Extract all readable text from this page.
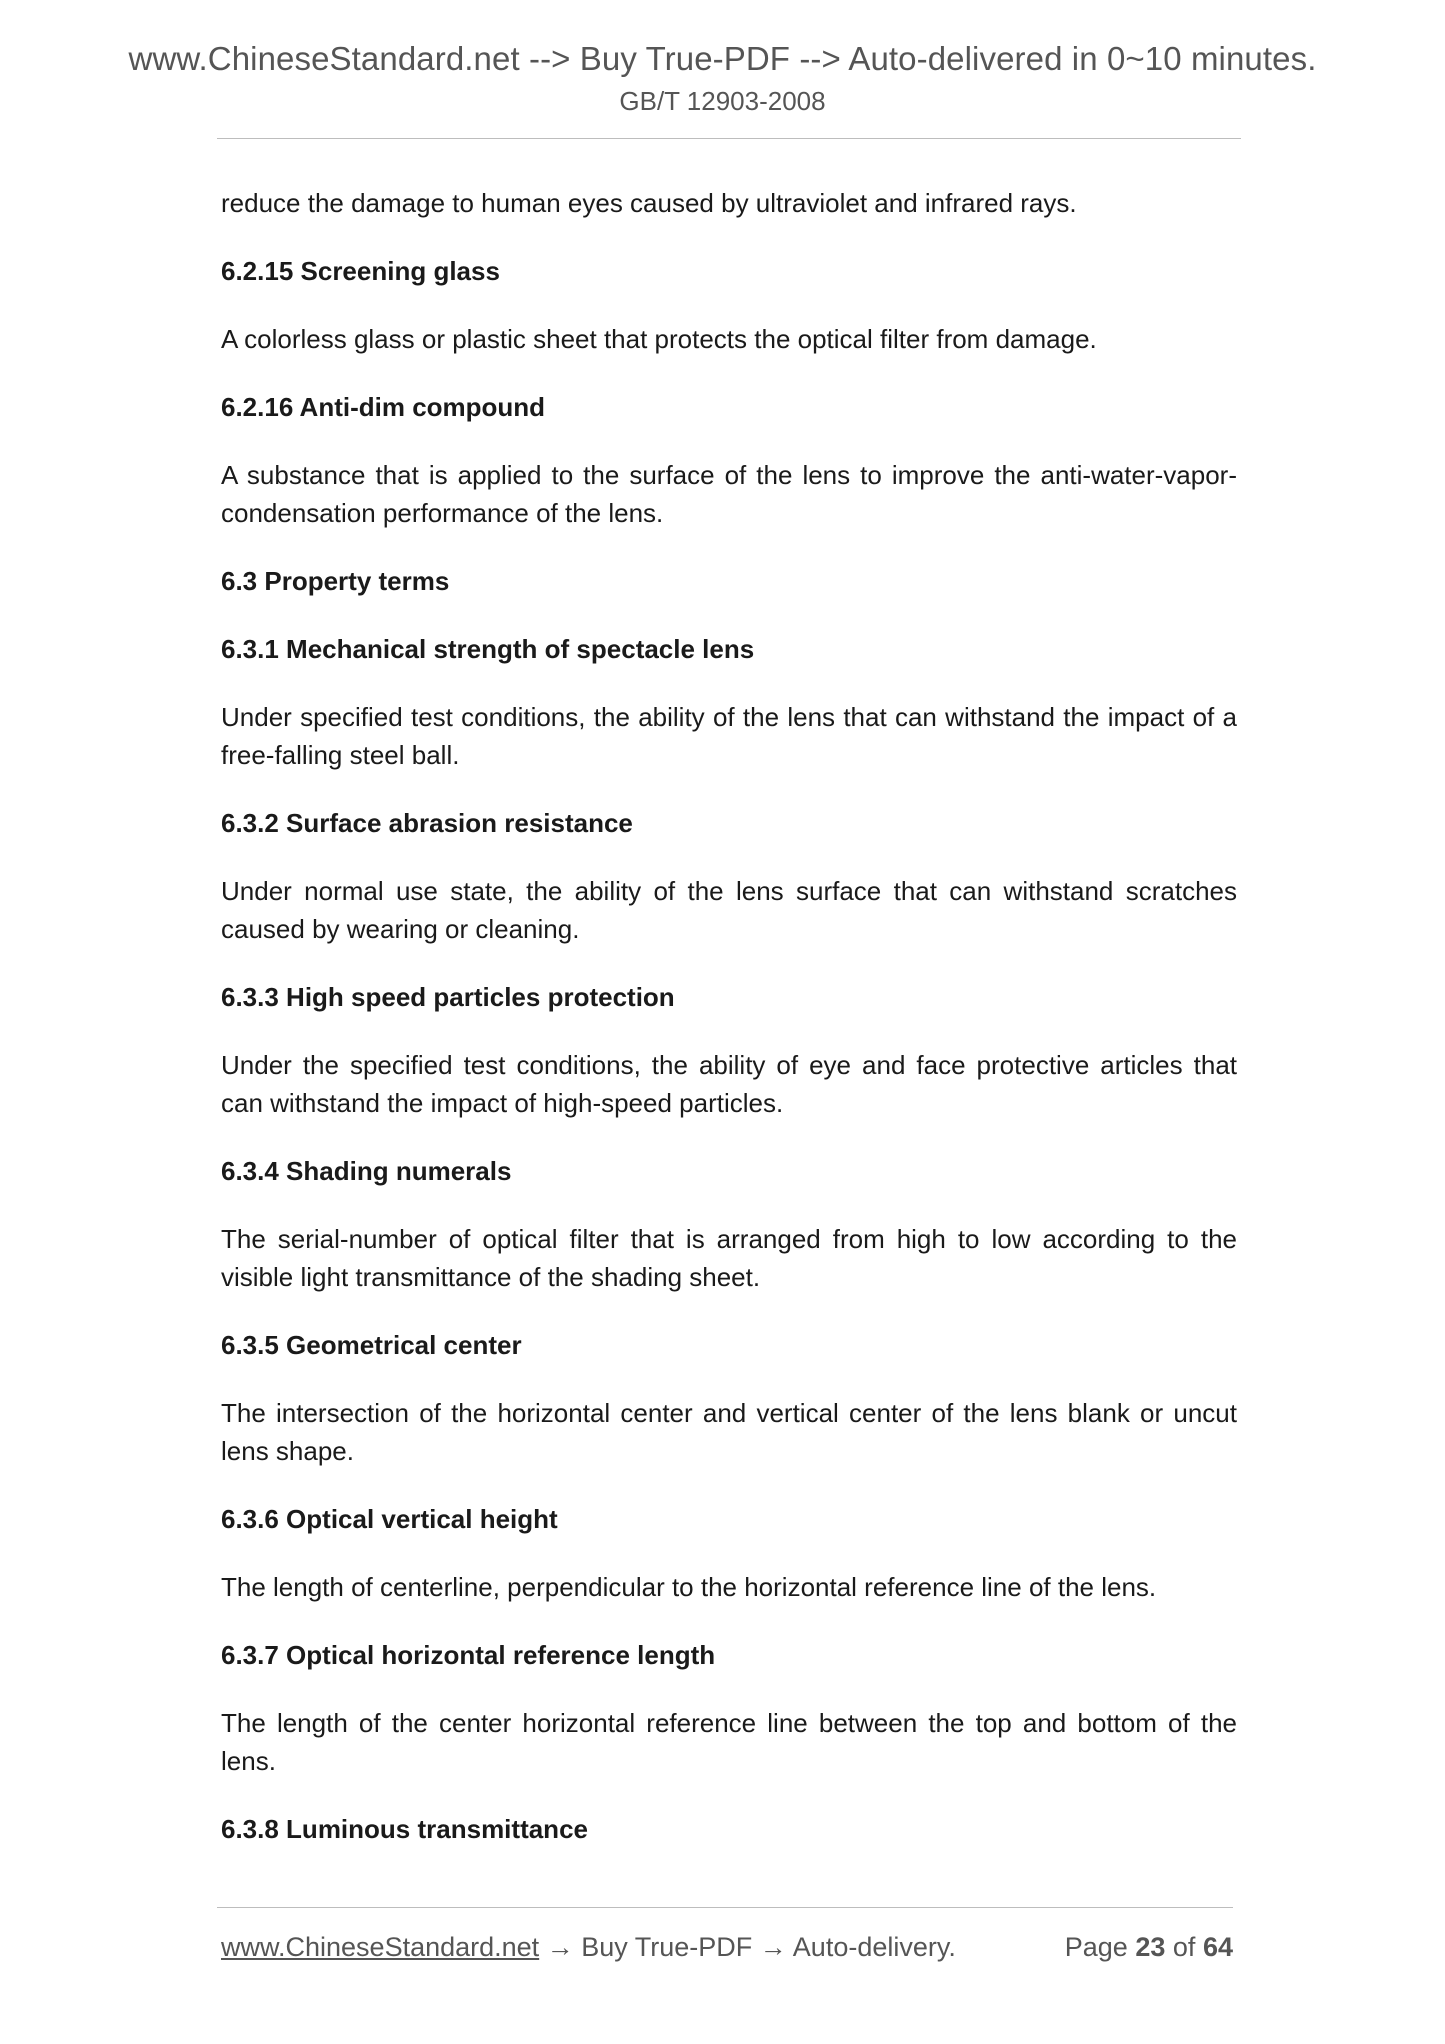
www.ChineseStandard.net --> Buy True-PDF --> Auto-delivered in 0~10 minutes.
GB/T 12903-2008

reduce the damage to human eyes caused by ultraviolet and infrared rays.

6.2.15 Screening glass

A colorless glass or plastic sheet that protects the optical filter from damage.

6.2.16 Anti-dim compound

A substance that is applied to the surface of the lens to improve the anti-water-vapor-condensation performance of the lens.

6.3 Property terms

6.3.1 Mechanical strength of spectacle lens

Under specified test conditions, the ability of the lens that can withstand the impact of a free-falling steel ball.

6.3.2 Surface abrasion resistance

Under normal use state, the ability of the lens surface that can withstand scratches caused by wearing or cleaning.

6.3.3 High speed particles protection

Under the specified test conditions, the ability of eye and face protective articles that can withstand the impact of high-speed particles.

6.3.4 Shading numerals

The serial-number of optical filter that is arranged from high to low according to the visible light transmittance of the shading sheet.

6.3.5 Geometrical center

The intersection of the horizontal center and vertical center of the lens blank or uncut lens shape.

6.3.6 Optical vertical height

The length of centerline, perpendicular to the horizontal reference line of the lens.

6.3.7 Optical horizontal reference length

The length of the center horizontal reference line between the top and bottom of the lens.

6.3.8 Luminous transmittance

www.ChineseStandard.net → Buy True-PDF → Auto-delivery.	Page 23 of 64
